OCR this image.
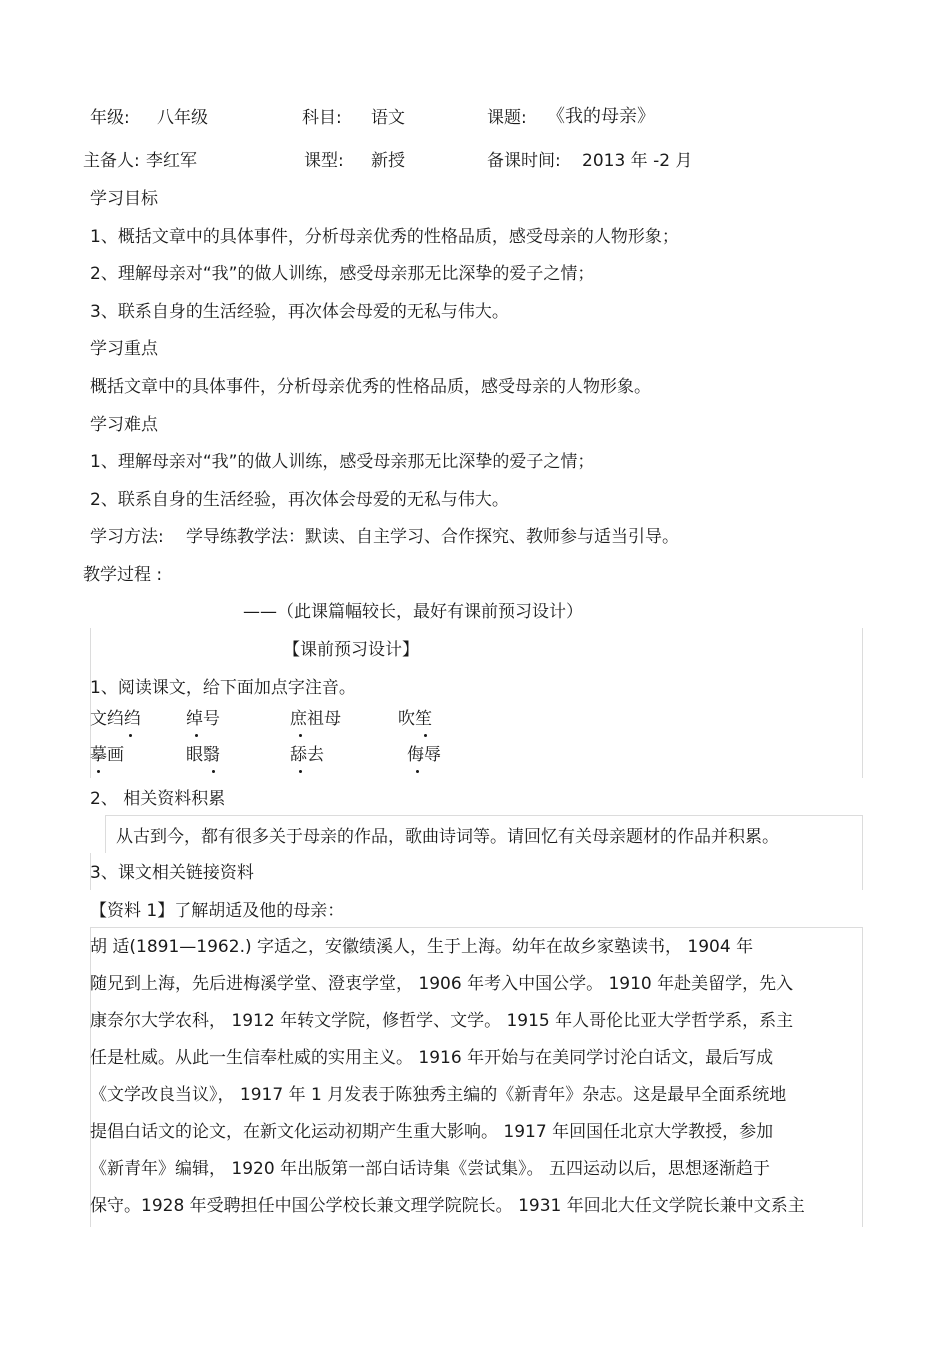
年级: 八年级	科目: 语文	课题: 《我的母亲》
主备人: 李红军	课型: 新授	备课时间: 2013 年 -2 月
学习目标
1、概括文章中的具体事件，分析母亲优秀的性格品质，感受母亲的人物形象；
2、理解母亲对“我”的做人训练，感受母亲那无比深挚的爱子之情；
3、联系自身的生活经验，再次体会母爱的无私与伟大。
学习重点
概括文章中的具体事件，分析母亲优秀的性格品质，感受母亲的人物形象。
学习难点
1、理解母亲对“我”的做人训练，感受母亲那无比深挚的爱子之情；
2、联系自身的生活经验，再次体会母爱的无私与伟大。
学习方法: 学导练教学法：默读、自主学习、合作探究、教师参与适当引导。
教学过程 :
——（此课篇幅较长，最好有课前预习设计）
【课前预习设计】
1、阅读课文，给下面加点字注音。
文绉绉	绰号	庶祖母	吹笙
摹画	眼翳	舔去	侮辱
2、 相关资料积累
从古到今，都有很多关于母亲的作品，歌曲诗词等。请回忆有关母亲题材的作品并积累。
3、课文相关链接资料
【资料 1】了解胡适及他的母亲：
胡 适(1891—1962.) 字适之，安徽绩溪人，生于上海。幼年在故乡家塾读书， 1904 年
随兄到上海，先后进梅溪学堂、澄衷学堂， 1906 年考入中国公学。 1910 年赴美留学，先入
康奈尔大学农科， 1912 年转文学院，修哲学、文学。 1915 年人哥伦比亚大学哲学系，系主
任是杜威。从此一生信奉杜威的实用主义。 1916 年开始与在美同学讨沦白话文，最后写成
《文学改良当议》， 1917 年 1 月发表于陈独秀主编的《新青年》杂志。这是最早全面系统地
提倡白话文的论文，在新文化运动初期产生重大影响。 1917 年回国任北京大学教授，参加
《新青年》编辑， 1920 年出版第一部白话诗集《尝试集》。 五四运动以后，思想逐渐趋于
保守。1928 年受聘担任中国公学校长兼文理学院院长。 1931 年回北大任文学院长兼中文系主
